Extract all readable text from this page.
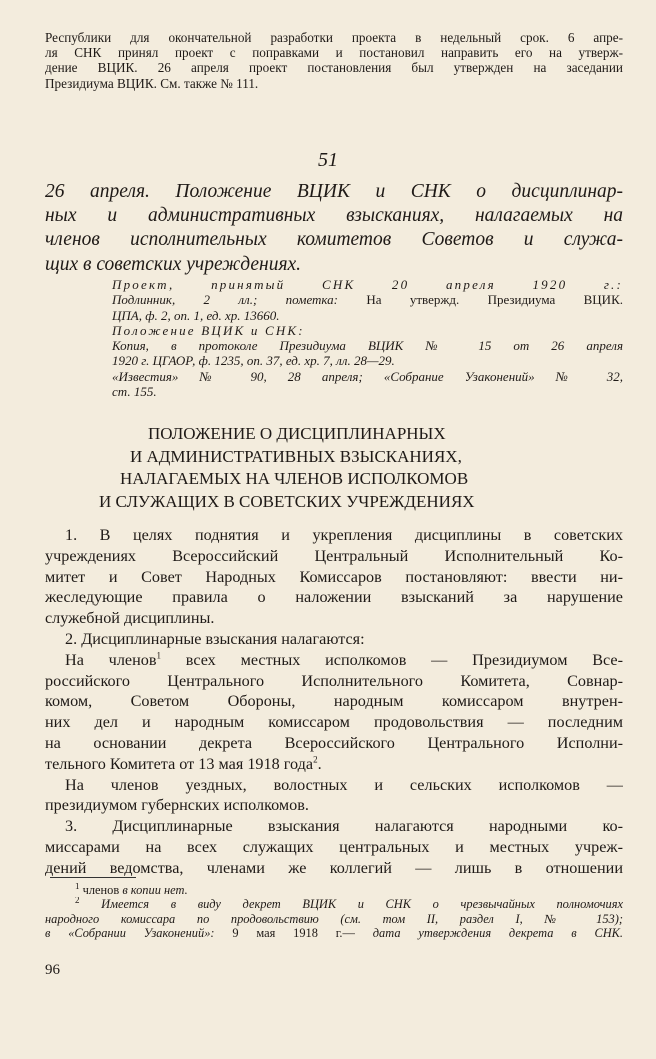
Республики для окончательной разработки проекта в недельный срок. 6 апре-
ля СНК принял проект с поправками и постановил направить его на утверж-
дение ВЦИК. 26 апреля проект постановления был утвержден на заседании
Президиума ВЦИК. См. также № 111.
51
26 апреля. Положение ВЦИК и СНК о дисциплинар-
ных и административных взысканиях, налагаемых на
членов исполнительных комитетов Советов и служа-
щих в советских учреждениях.
Проект, принятый СНК 20 апреля 1920 г.:
Подлинник, 2 лл.; пометка: На утвержд. Президиума ВЦИК.
ЦПА, ф. 2, оп. 1, ед. хр. 13660.
Положение ВЦИК и СНК:
Копия, в протоколе Президиума ВЦИК № 15 от 26 апреля
1920 г. ЦГАОР, ф. 1235, оп. 37, ед. хр. 7, лл. 28—29.
«Известия» № 90, 28 апреля; «Собрание Узаконений» № 32,
ст. 155.
ПОЛОЖЕНИЕ О ДИСЦИПЛИНАРНЫХ
И АДМИНИСТРАТИВНЫХ ВЗЫСКАНИЯХ,
НАЛАГАЕМЫХ НА ЧЛЕНОВ ИСПОЛКОМОВ
И СЛУЖАЩИХ В СОВЕТСКИХ УЧРЕЖДЕНИЯХ
1. В целях поднятия и укрепления дисциплины в советских
учреждениях Всероссийский Центральный Исполнительный Ко-
митет и Совет Народных Комиссаров постановляют: ввести ни-
жеследующие правила о наложении взысканий за нарушение
служебной дисциплины.
2. Дисциплинарные взыскания налагаются:
На членов$^1$ всех местных исполкомов — Президиумом Все-
российского Центрального Исполнительного Комитета, Совнар-
комом, Советом Обороны, народным комиссаром внутрен-
них дел и народным комиссаром продовольствия — последним
на основании декрета Всероссийского Центрального Исполни-
тельного Комитета от 13 мая 1918 года$^2$.
На членов уездных, волостных и сельских исполкомов —
президиумом губернских исполкомов.
3. Дисциплинарные взыскания налагаются народными ко-
миссарами на всех служащих центральных и местных учреж-
дений ведомства, членами же коллегий — лишь в отношении
$^1$ членов в копии нет.
$^2$ Имеется в виду декрет ВЦИК и СНК о чрезвычайных полномочиях
народного комиссара по продовольствию (см. том II, раздел I, № 153);
в «Собрании Узаконений»: 9 мая 1918 г.— дата утверждения декрета в СНК.
96
